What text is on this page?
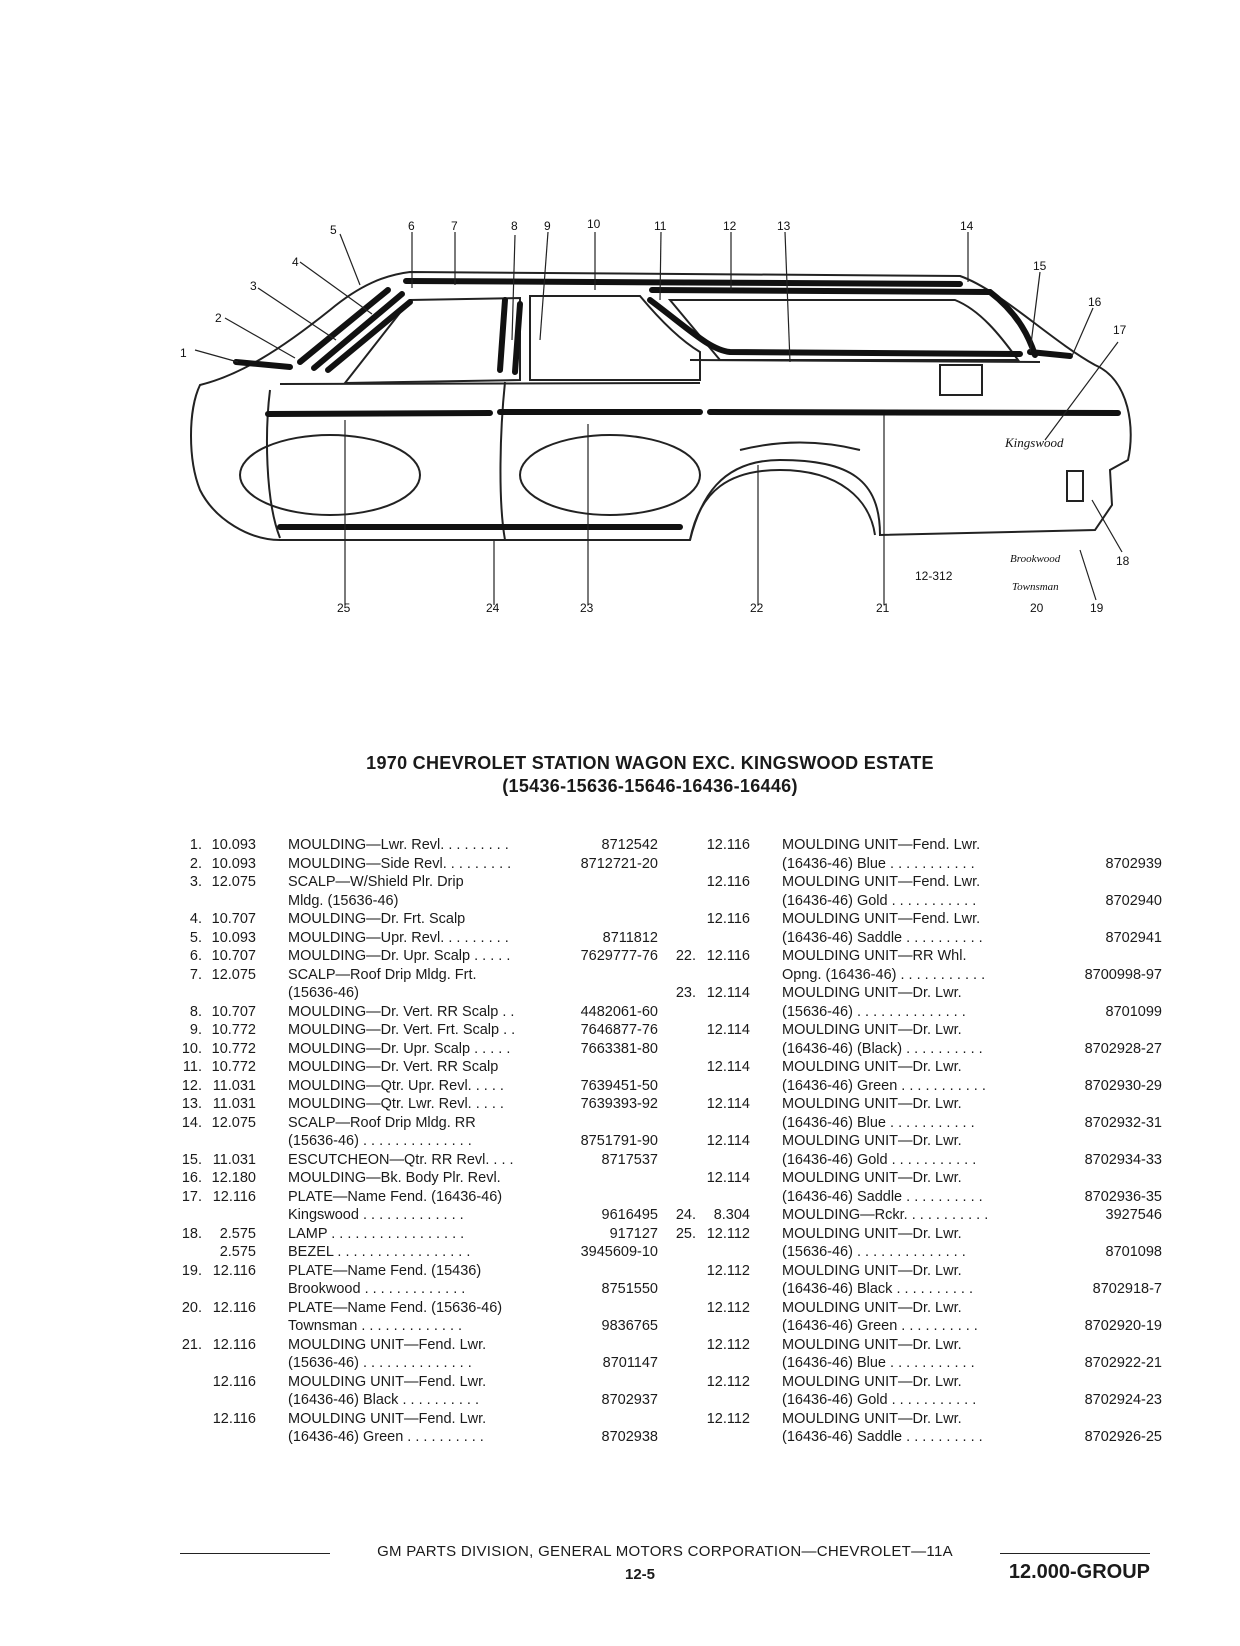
1
2
3
4
5	6	7	8 9	10	11	12	13	14
15
16
17
18
19
20
21
22
23
24
25
12-312
Kingswood
Brookwood
Townsman
1970 CHEVROLET STATION WAGON EXC. KINGSWOOD ESTATE
(15436-15636-15646-16436-16446)
1. 10.093 MOULDING—Lwr. Revl. . . . . . . . .	8712542
2. 10.093 MOULDING—Side Revl. . . . . . . . .	8712721-20
3. 12.075 SCALP—W/Shield Plr. Drip
Mldg. (15636-46)
4. 10.707 MOULDING—Dr. Frt. Scalp
5. 10.093 MOULDING—Upr. Revl. . . . . . . . .	8711812
6. 10.707 MOULDING—Dr. Upr. Scalp . . . . .	7629777-76
7. 12.075 SCALP—Roof Drip Mldg. Frt.
(15636-46)
8. 10.707 MOULDING—Dr. Vert. RR Scalp . .	4482061-60
9. 10.772 MOULDING—Dr. Vert. Frt. Scalp . .	7646877-76
10. 10.772 MOULDING—Dr. Upr. Scalp . . . . .	7663381-80
11. 10.772 MOULDING—Dr. Vert. RR Scalp
12. 11.031 MOULDING—Qtr. Upr. Revl. . . . .	7639451-50
13. 11.031 MOULDING—Qtr. Lwr. Revl. . . . .	7639393-92
14. 12.075 SCALP—Roof Drip Mldg. RR
(15636-46) . . . . . . . . . . . . . .	8751791-90
15. 11.031 ESCUTCHEON—Qtr. RR Revl. . . .	8717537
16. 12.180 MOULDING—Bk. Body Plr. Revl.
17. 12.116 PLATE—Name Fend. (16436-46)
Kingswood . . . . . . . . . . . . .	9616495
18.	2.575 LAMP . . . . . . . . . . . . . . . . .	917127
2.575 BEZEL . . . . . . . . . . . . . . . . .	3945609-10
19. 12.116 PLATE—Name Fend. (15436)
Brookwood . . . . . . . . . . . . .	8751550
20. 12.116 PLATE—Name Fend. (15636-46)
Townsman . . . . . . . . . . . . .	9836765
21. 12.116 MOULDING UNIT—Fend. Lwr.
(15636-46) . . . . . . . . . . . . . .	8701147
12.116 MOULDING UNIT—Fend. Lwr.
(16436-46) Black . . . . . . . . . .	8702937
12.116 MOULDING UNIT—Fend. Lwr.
(16436-46) Green . . . . . . . . . .	8702938
12.116 MOULDING UNIT—Fend. Lwr.
(16436-46) Blue . . . . . . . . . . .	8702939
12.116 MOULDING UNIT—Fend. Lwr.
(16436-46) Gold . . . . . . . . . . .	8702940
12.116 MOULDING UNIT—Fend. Lwr.
(16436-46) Saddle . . . . . . . . . .	8702941
22. 12.116 MOULDING UNIT—RR Whl.
Opng. (16436-46) . . . . . . . . . . .	8700998-97
23. 12.114 MOULDING UNIT—Dr. Lwr.
(15636-46) . . . . . . . . . . . . . .	8701099
12.114 MOULDING UNIT—Dr. Lwr.
(16436-46) (Black) . . . . . . . . . .	8702928-27
12.114 MOULDING UNIT—Dr. Lwr.
(16436-46) Green . . . . . . . . . . .	8702930-29
12.114 MOULDING UNIT—Dr. Lwr.
(16436-46) Blue . . . . . . . . . . .	8702932-31
12.114 MOULDING UNIT—Dr. Lwr.
(16436-46) Gold . . . . . . . . . . .	8702934-33
12.114 MOULDING UNIT—Dr. Lwr.
(16436-46) Saddle . . . . . . . . . .	8702936-35
24.	8.304 MOULDING—Rckr. . . . . . . . . . .	3927546
25. 12.112 MOULDING UNIT—Dr. Lwr.
(15636-46) . . . . . . . . . . . . . .	8701098
12.112 MOULDING UNIT—Dr. Lwr.
(16436-46) Black . . . . . . . . . .	8702918-7
12.112 MOULDING UNIT—Dr. Lwr.
(16436-46) Green . . . . . . . . . .	8702920-19
12.112 MOULDING UNIT—Dr. Lwr.
(16436-46) Blue . . . . . . . . . . .	8702922-21
12.112 MOULDING UNIT—Dr. Lwr.
(16436-46) Gold . . . . . . . . . . .	8702924-23
12.112 MOULDING UNIT—Dr. Lwr.
(16436-46) Saddle . . . . . . . . . .	8702926-25
GM PARTS DIVISION, GENERAL MOTORS CORPORATION—CHEVROLET—11A
12-5	12.000-GROUP
